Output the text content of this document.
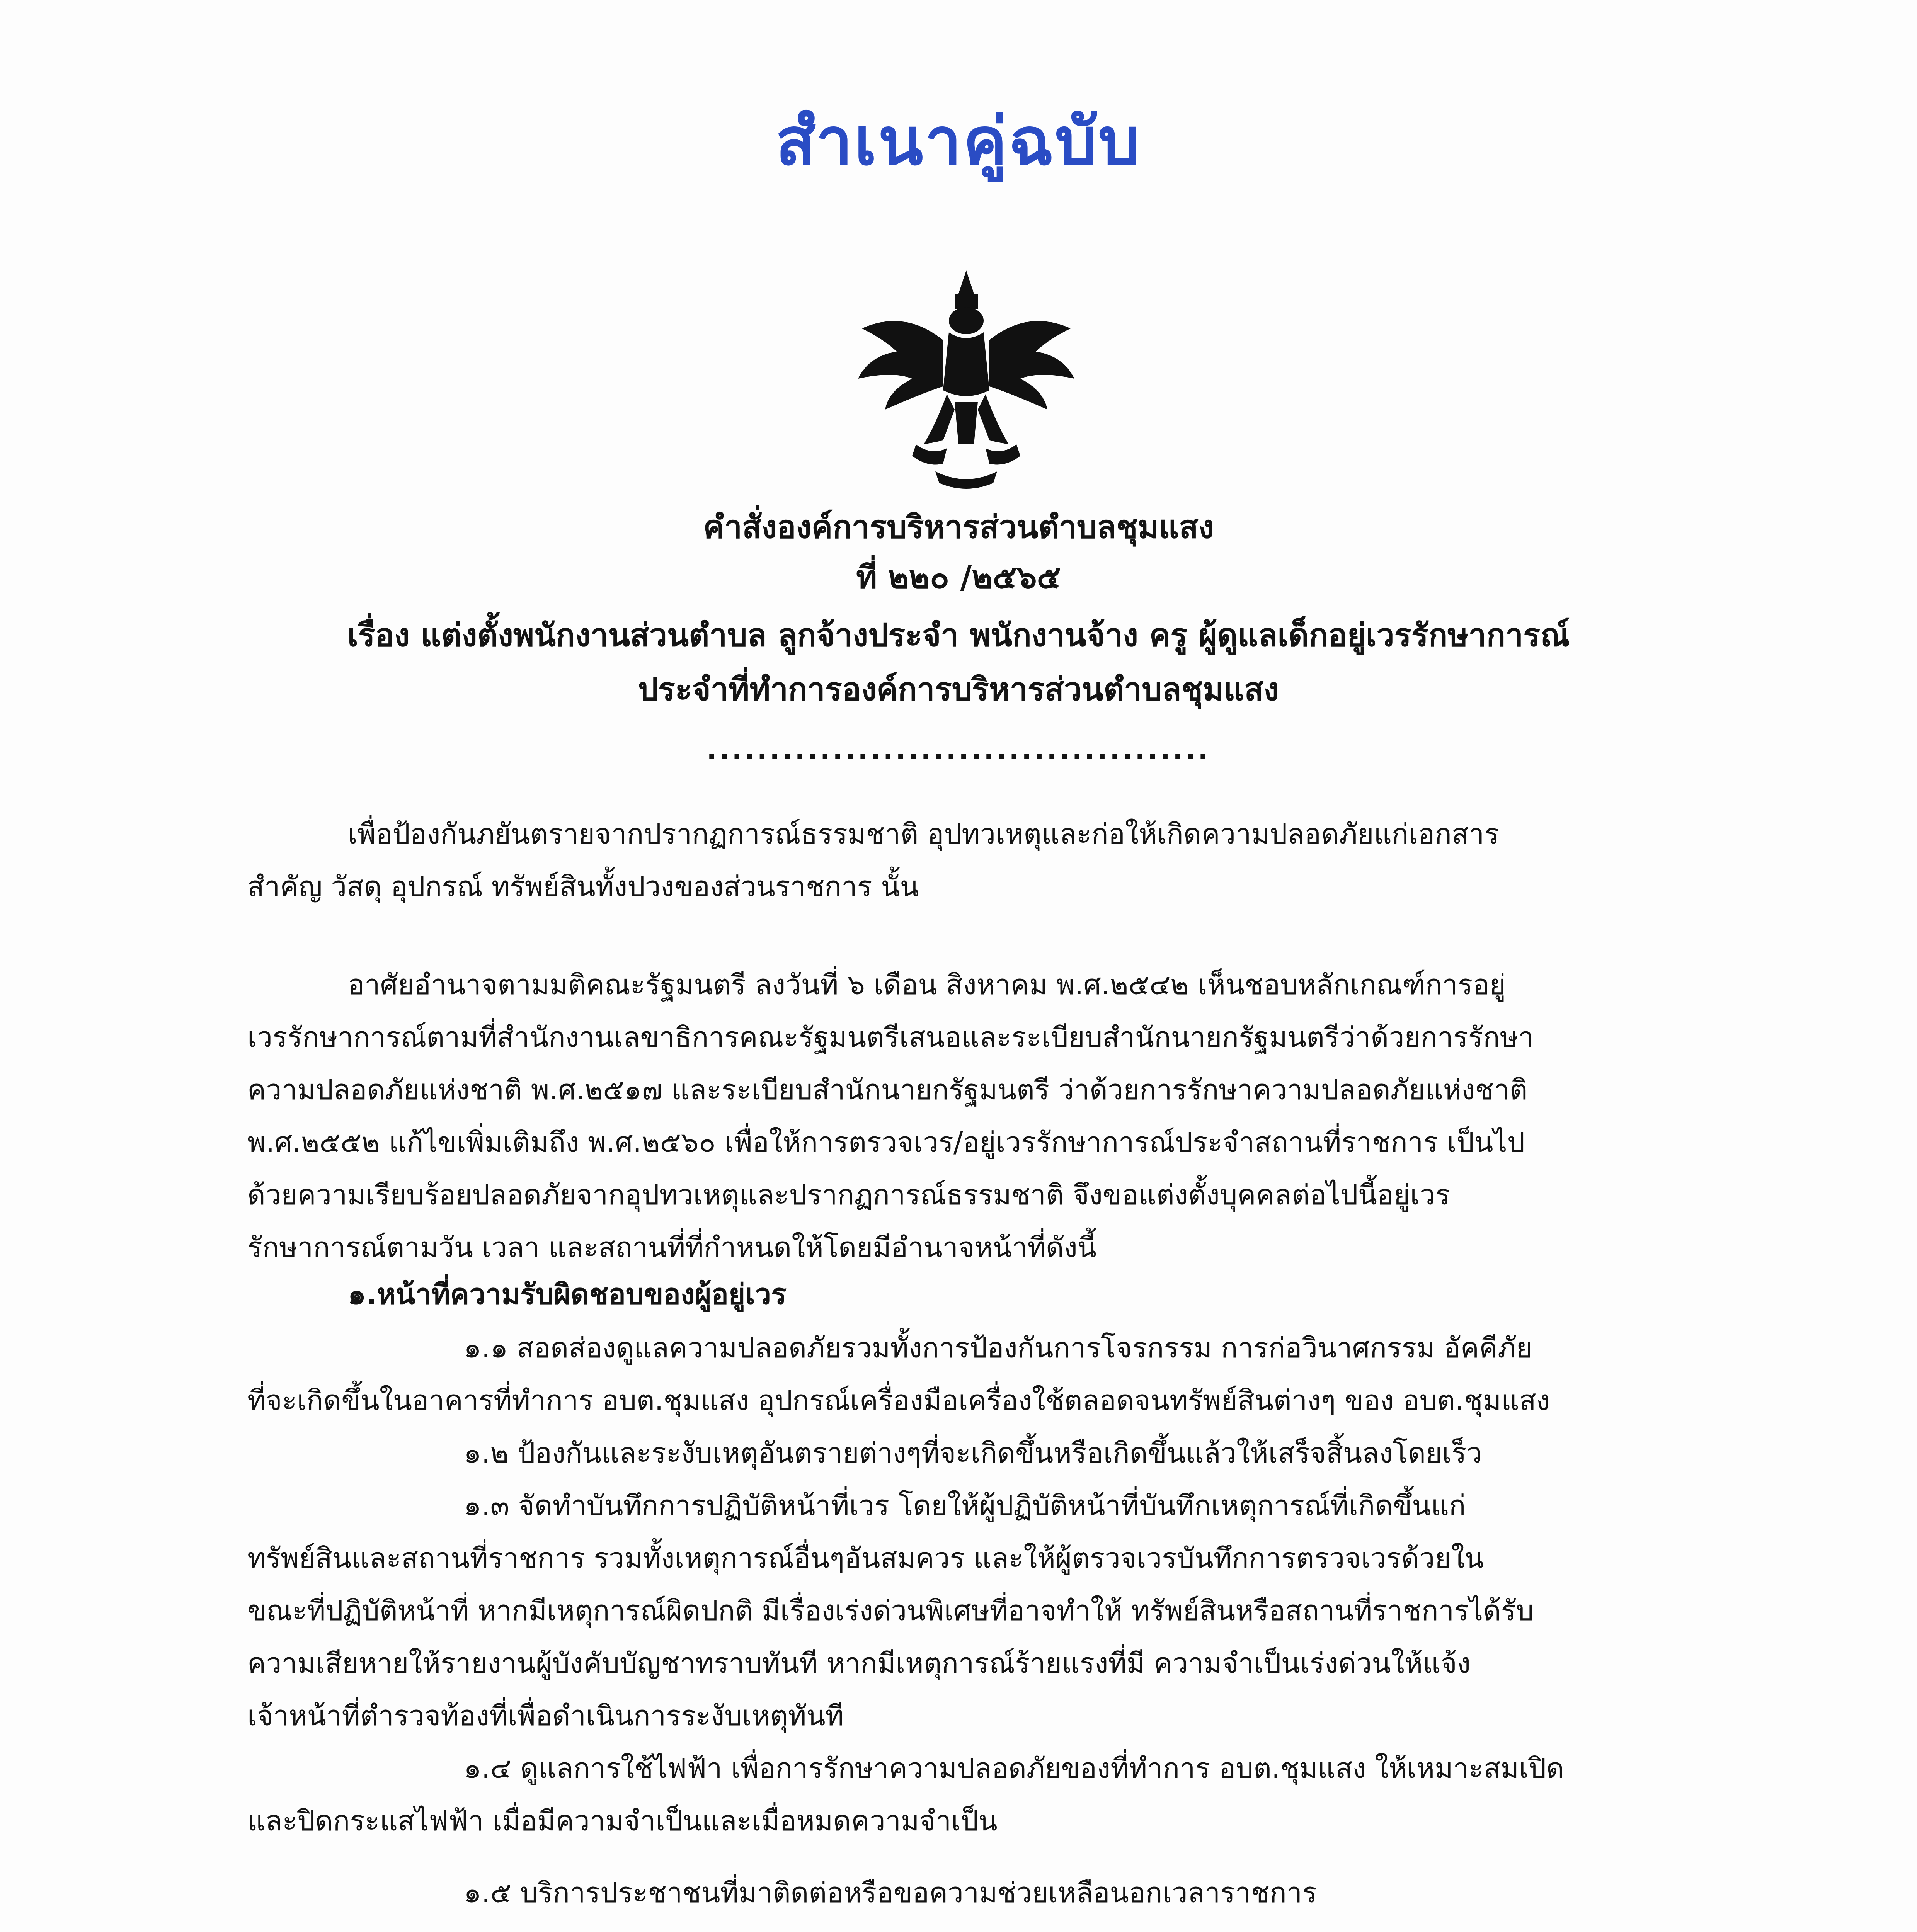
สำเนาคู่ฉบับ
คำสั่งองค์การบริหารส่วนตำบลชุมแสง
ที่ ๒๒๐ /๒๕๖๕
เรื่อง แต่งตั้งพนักงานส่วนตำบล ลูกจ้างประจำ พนักงานจ้าง ครู ผู้ดูแลเด็กอยู่เวรรักษาการณ์
ประจำที่ทำการองค์การบริหารส่วนตำบลชุมแสง
........................................
เพื่อป้องกันภยันตรายจากปรากฏการณ์ธรรมชาติ อุปทวเหตุและก่อให้เกิดความปลอดภัยแก่เอกสาร
สำคัญ วัสดุ อุปกรณ์ ทรัพย์สินทั้งปวงของส่วนราชการ นั้น
อาศัยอำนาจตามมติคณะรัฐมนตรี ลงวันที่ ๖ เดือน สิงหาคม พ.ศ.๒๕๔๒ เห็นชอบหลักเกณฑ์การอยู่
เวรรักษาการณ์ตามที่สำนักงานเลขาธิการคณะรัฐมนตรีเสนอและระเบียบสำนักนายกรัฐมนตรีว่าด้วยการรักษา
ความปลอดภัยแห่งชาติ พ.ศ.๒๕๑๗ และระเบียบสำนักนายกรัฐมนตรี ว่าด้วยการรักษาความปลอดภัยแห่งชาติ
พ.ศ.๒๕๕๒ แก้ไขเพิ่มเติมถึง พ.ศ.๒๕๖๐ เพื่อให้การตรวจเวร/อยู่เวรรักษาการณ์ประจำสถานที่ราชการ เป็นไป
ด้วยความเรียบร้อยปลอดภัยจากอุปทวเหตุและปรากฏการณ์ธรรมชาติ จึงขอแต่งตั้งบุคคลต่อไปนี้อยู่เวร
รักษาการณ์ตามวัน เวลา และสถานที่ที่กำหนดให้โดยมีอำนาจหน้าที่ดังนี้
๑.หน้าที่ความรับผิดชอบของผู้อยู่เวร
๑.๑ สอดส่องดูแลความปลอดภัยรวมทั้งการป้องกันการโจรกรรม การก่อวินาศกรรม อัคคีภัย
ที่จะเกิดขึ้นในอาคารที่ทำการ อบต.ชุมแสง อุปกรณ์เครื่องมือเครื่องใช้ตลอดจนทรัพย์สินต่างๆ ของ อบต.ชุมแสง
๑.๒ ป้องกันและระงับเหตุอันตรายต่างๆที่จะเกิดขึ้นหรือเกิดขึ้นแล้วให้เสร็จสิ้นลงโดยเร็ว
๑.๓ จัดทำบันทึกการปฏิบัติหน้าที่เวร โดยให้ผู้ปฏิบัติหน้าที่บันทึกเหตุการณ์ที่เกิดขึ้นแก่
ทรัพย์สินและสถานที่ราชการ รวมทั้งเหตุการณ์อื่นๆอันสมควร และให้ผู้ตรวจเวรบันทึกการตรวจเวรด้วยใน
ขณะที่ปฏิบัติหน้าที่ หากมีเหตุการณ์ผิดปกติ มีเรื่องเร่งด่วนพิเศษที่อาจทำให้ ทรัพย์สินหรือสถานที่ราชการได้รับ
ความเสียหายให้รายงานผู้บังคับบัญชาทราบทันที หากมีเหตุการณ์ร้ายแรงที่มี ความจำเป็นเร่งด่วนให้แจ้ง
เจ้าหน้าที่ตำรวจท้องที่เพื่อดำเนินการระงับเหตุทันที
๑.๔ ดูแลการใช้ไฟฟ้า เพื่อการรักษาความปลอดภัยของที่ทำการ อบต.ชุมแสง ให้เหมาะสมเปิด
และปิดกระแสไฟฟ้า เมื่อมีความจำเป็นและเมื่อหมดความจำเป็น
๑.๕ บริการประชาชนที่มาติดต่อหรือขอความช่วยเหลือนอกเวลาราชการ
